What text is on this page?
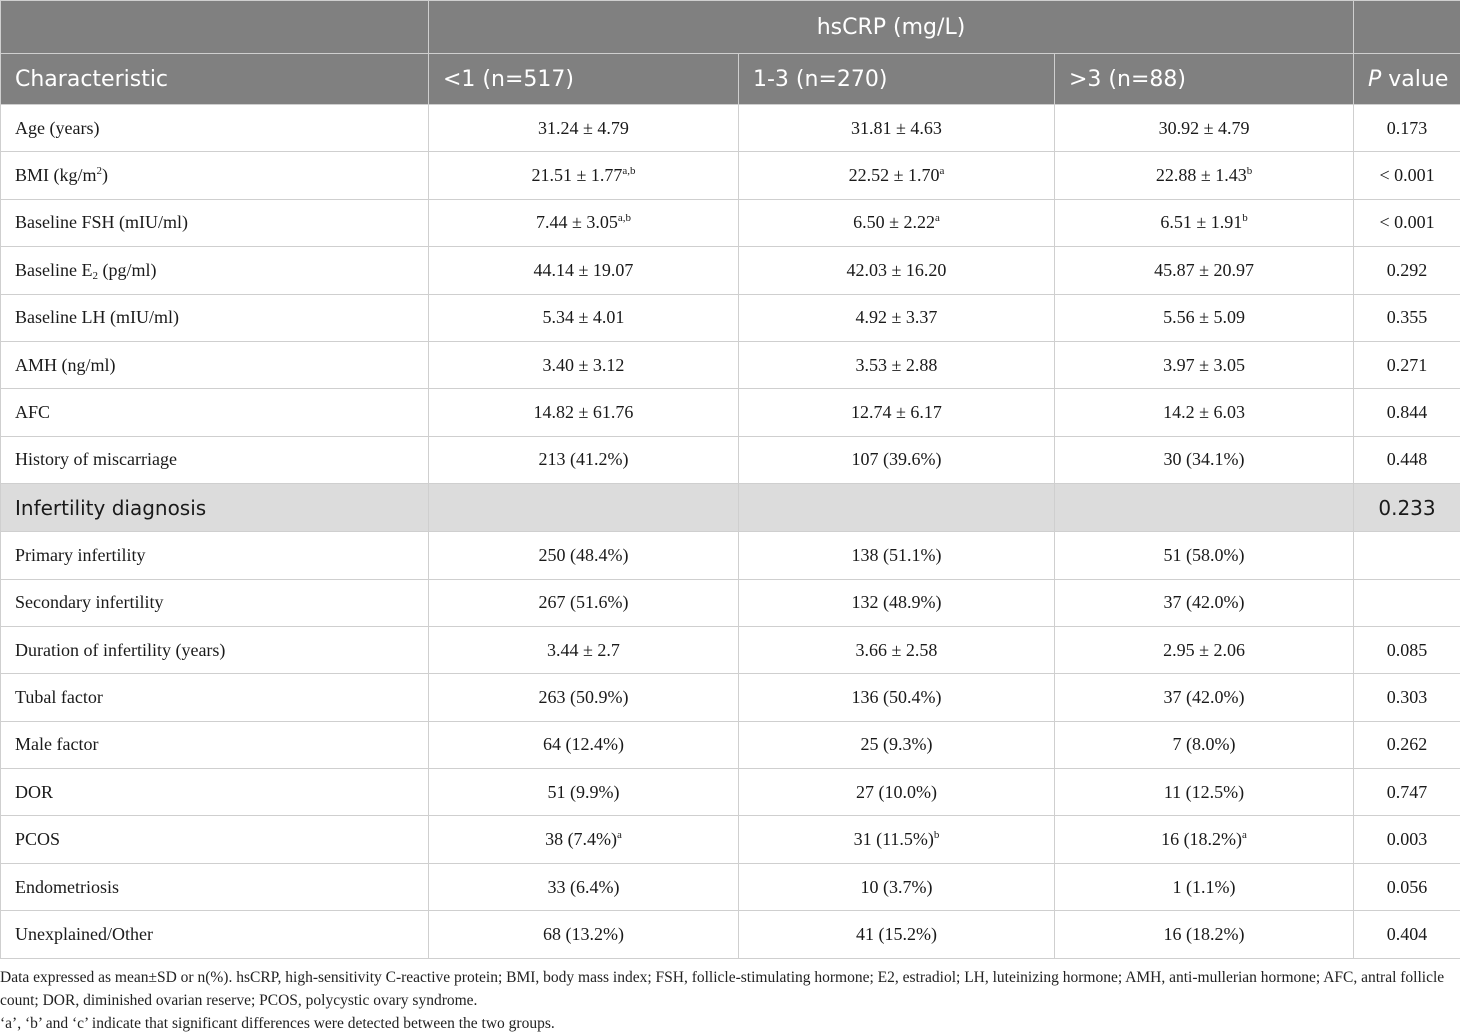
	hsCRP (mg/L)			
Characteristic	<1 (n=517)	1-3 (n=270)	>3 (n=88)	P value
Age (years)	31.24 ± 4.79	31.81 ± 4.63	30.92 ± 4.79	0.173
BMI $(kg/m^2)$	$21.51 \pm 1.77^{a,b}$	22.52 ± 1.70$^a$	22.88 ± 1.43$^b$	< 0.001
Baseline FSH (mIU/ml)	$7.44 \pm 3.05^{a,b}$	6.50 ± 2.22$^a$	6.51 ± 1.91$^b$	< 0.001
Baseline $E_2$ (pg/ml)	44.14 ± 19.07	42.03 ± 16.20	45.87 ± 20.97	0.292
Baseline LH (mIU/ml)	5.34 ± 4.01	4.92 ± 3.37	5.56 ± 5.09	0.355
AMH (ng/ml)	3.40 ± 3.12	3.53 ± 2.88	3.97 ± 3.05	0.271
AFC	14.82 ± 61.76	12.74 ± 6.17	14.2 ± 6.03	0.844
History of miscarriage	213 (41.2%)	107 (39.6%)	30 (34.1%)	0.448
Infertility diagnosis				0.233
Primary infertility	250 (48.4%)	138 (51.1%)	51 (58.0%)	
Secondary infertility	267 (51.6%)	132 (48.9%)	37 (42.0%)	
Duration of infertility (years)	3.44 ± 2.7	3.66 ± 2.58	2.95 ± 2.06	0.085
Tubal factor	263 (50.9%)	136 (50.4%)	37 (42.0%)	0.303
Male factor	64 (12.4%)	25 (9.3%)	7 (8.0%)	0.262
DOR	51 (9.9%)	27 (10.0%)	11 (12.5%)	0.747
PCOS	38 $(7.4\%)^a$	31 $(11.5\%)^b$	16 $(18.2\%)^a$	0.003
Endometriosis	33 (6.4%)	10 (3.7%)	1 (1.1%)	0.056
Unexplained/Other	68 (13.2%)	41 (15.2%)	16 (18.2%)	0.404

Data expressed as mean±SD or n(%). hsCRP, high-sensitivity C-reactive protein; BMI, body mass index; FSH, follicle-stimulating hormone; E2, estradiol; LH, luteinizing hormone; AMH, anti-mullerian hormone; AFC, antral follicle count; DOR, diminished ovarian reserve; PCOS, polycystic ovary syndrome.

‘a’, ‘b’ and ‘c’ indicate that significant differences were detected between the two groups.
